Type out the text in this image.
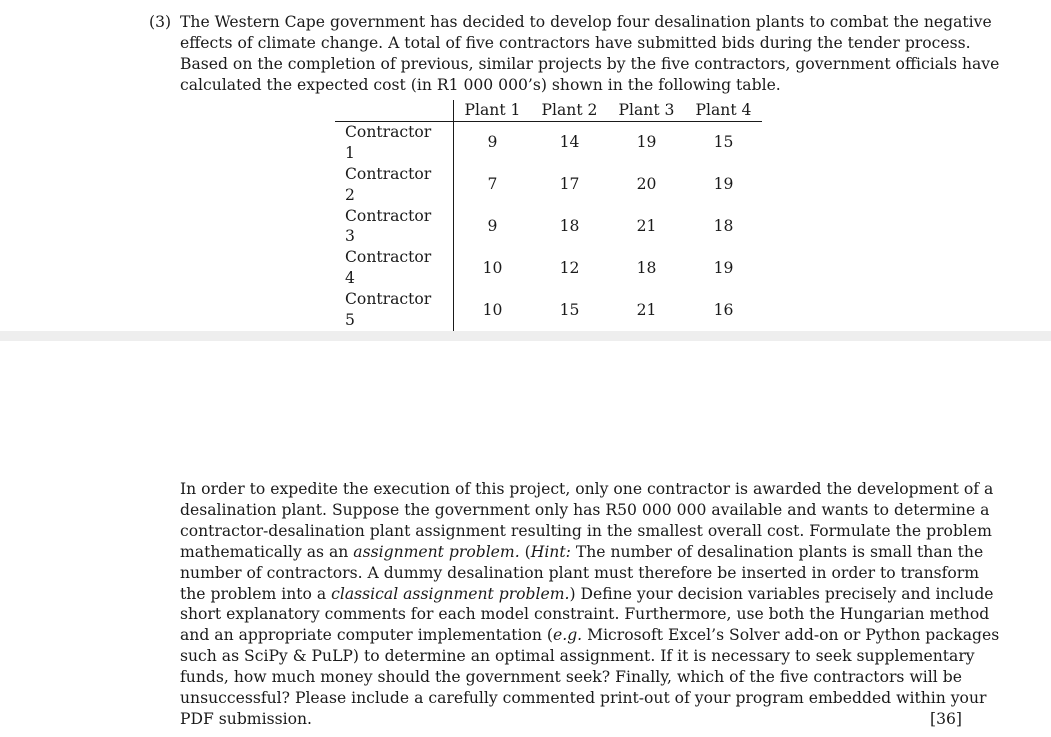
(3) The Western Cape government has decided to develop four desalination plants to combat the negative
effects of climate change. A total of five contractors have submitted bids during the tender process.
Based on the completion of previous, similar projects by the five contractors, government officials have
calculated the expected cost (in R1 000 000’s) shown in the following table.
	Plant 1	Plant 2	Plant 3	Plant 4
Contractor 1	9	14	19	15
Contractor 2	7	17	20	19
Contractor 3	9	18	21	18
Contractor 4	10	12	18	19
Contractor 5	10	15	21	16
In order to expedite the execution of this project, only one contractor is awarded the development of a
desalination plant. Suppose the government only has R50 000 000 available and wants to determine a
contractor-desalination plant assignment resulting in the smallest overall cost. Formulate the problem
mathematically as an assignment problem. (Hint: The number of desalination plants is small than the
number of contractors. A dummy desalination plant must therefore be inserted in order to transform
the problem into a classical assignment problem.) Define your decision variables precisely and include
short explanatory comments for each model constraint. Furthermore, use both the Hungarian method
and an appropriate computer implementation (e.g. Microsoft Excel’s Solver add-on or Python packages
such as SciPy & PuLP) to determine an optimal assignment. If it is necessary to seek supplementary
funds, how much money should the government seek? Finally, which of the five contractors will be
unsuccessful? Please include a carefully commented print-out of your program embedded within your
PDF submission.	[36]
